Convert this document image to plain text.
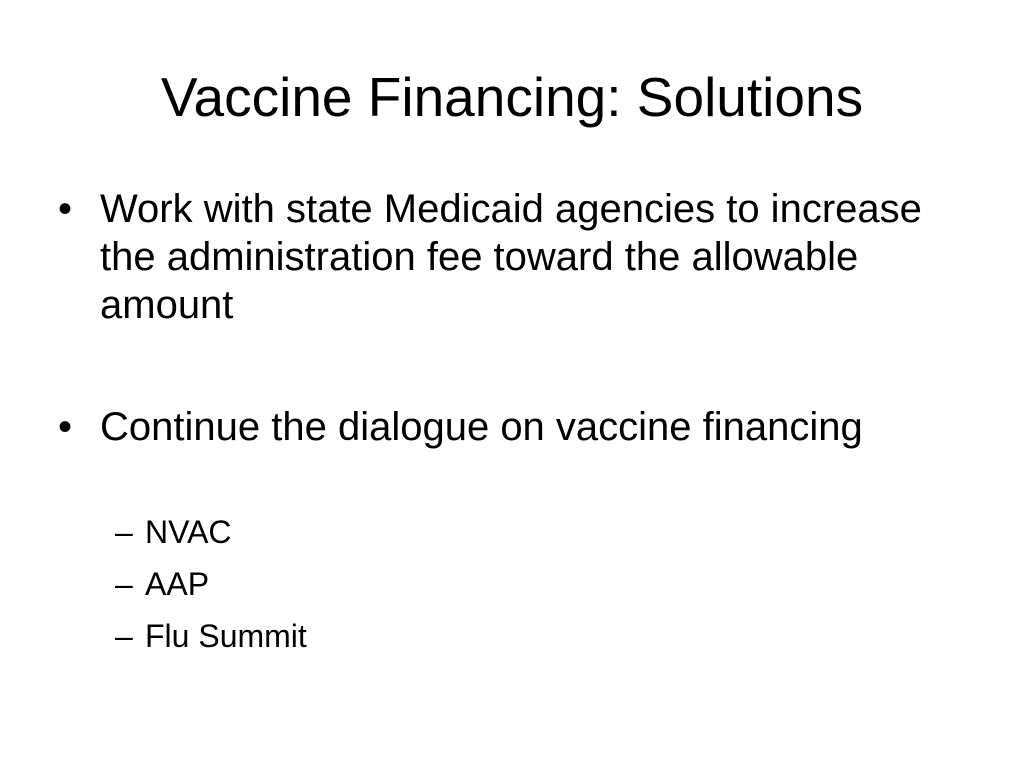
Vaccine Financing: Solutions
• Work with state Medicaid agencies to increase the administration fee toward the allowable amount
• Continue the dialogue on vaccine financing
– NVAC
– AAP
– Flu Summit
